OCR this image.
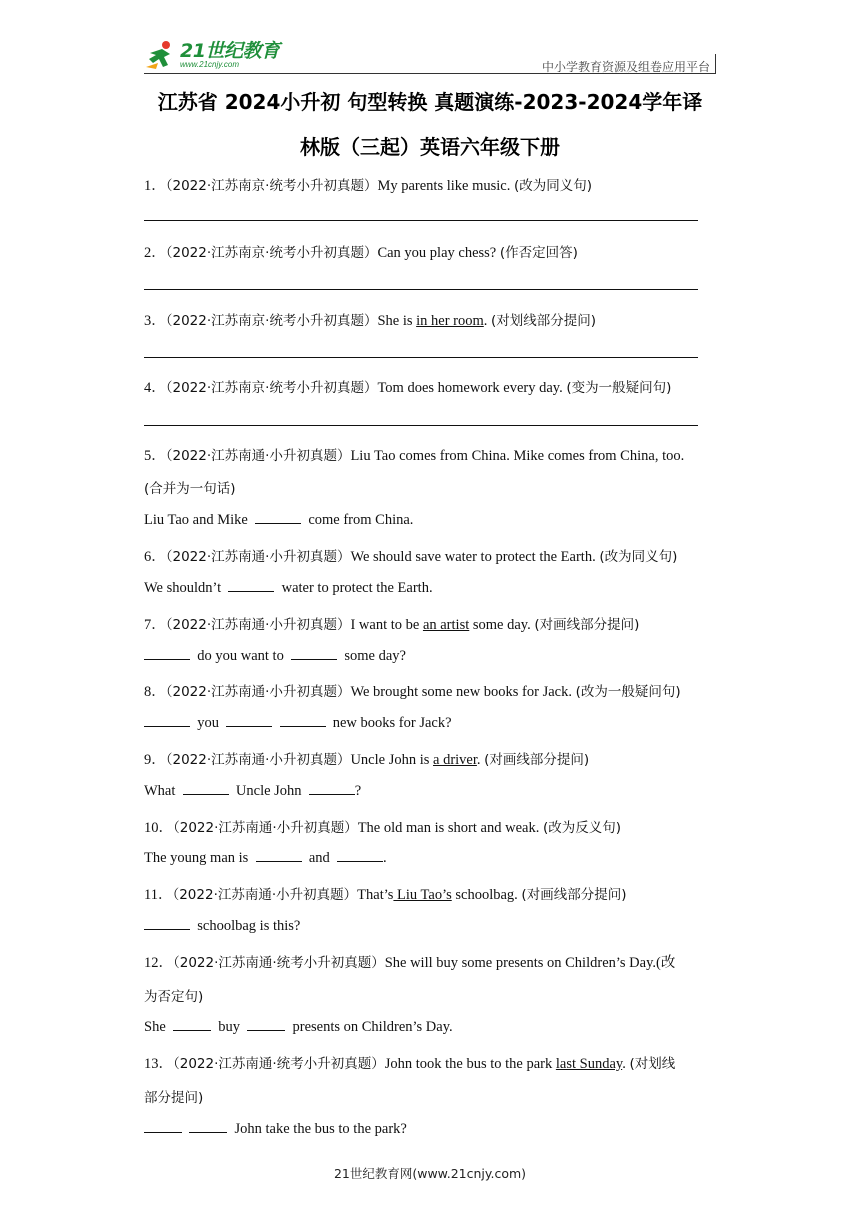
21世纪教育
www.21cnjy.com	中小学教育资源及组卷应用平台
江苏省 2024小升初 句型转换 真题演练-2023-2024学年译
林版（三起）英语六年级下册
1．（2022·江苏南京·统考小升初真题）My parents like music. (改为同义句)
2．（2022·江苏南京·统考小升初真题）Can you play chess? (作否定回答)
3．（2022·江苏南京·统考小升初真题）She is in her room. (对划线部分提问)
4．（2022·江苏南京·统考小升初真题）Tom does homework every day. (变为一般疑问句)
5．（2022·江苏南通·小升初真题）Liu Tao comes from China. Mike comes from China, too.
(合并为一句话)
Liu Tao and Mike	come from China.
6．（2022·江苏南通·小升初真题）We should save water to protect the Earth. (改为同义句)
We shouldn’t	water to protect the Earth.
7．（2022·江苏南通·小升初真题）I want to be an artist some day. (对画线部分提问)
do you want to	some day?
8．（2022·江苏南通·小升初真题）We brought some new books for Jack. (改为一般疑问句)
you	new books for Jack?
9．（2022·江苏南通·小升初真题）Uncle John is a driver. (对画线部分提问)
What	Uncle John	?
10．（2022·江苏南通·小升初真题）The old man is short and weak. (改为反义句)
The young man is	and	.
11．（2022·江苏南通·小升初真题）That’s Liu Tao’s schoolbag. (对画线部分提问)
schoolbag is this?
12．（2022·江苏南通·统考小升初真题）She will buy some presents on Children’s Day.(改
为否定句)
She	buy	presents on Children’s Day.
13．（2022·江苏南通·统考小升初真题）John took the bus to the park last Sunday. (对划线
部分提问)
John take the bus to the park?
21世纪教育网(www.21cnjy.com)
